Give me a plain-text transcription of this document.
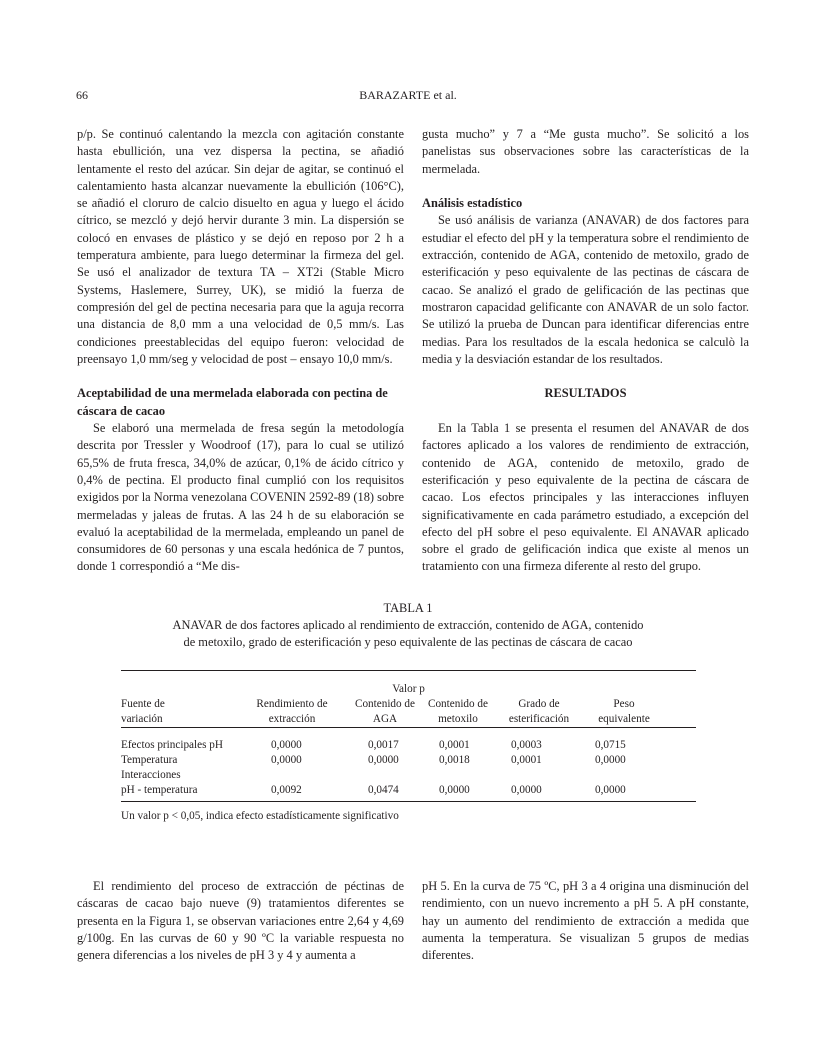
66	BARAZARTE et al.

p/p. Se continuó calentando la mezcla con agitación constante hasta ebullición, una vez dispersa la pectina, se añadió lentamente el resto del azúcar. Sin dejar de agitar, se continuó el calentamiento hasta alcanzar nuevamente la ebullición (106°C), se añadió el cloruro de calcio disuelto en agua y luego el ácido cítrico, se mezcló y dejó hervir durante 3 min. La dispersión se colocó en envases de plástico y se dejó en reposo por 2 h a temperatura ambiente, para luego determinar la firmeza del gel. Se usó el analizador de textura TA – XT2i (Stable Micro Systems, Haslemere, Surrey, UK), se midió la fuerza de compresión del gel de pectina necesaria para que la aguja recorra una distancia de 8,0 mm a una velocidad de 0,5 mm/s. Las condiciones preestablecidas del equipo fueron: velocidad de preensayo 1,0 mm/seg y velocidad de post – ensayo 10,0 mm/s.

Aceptabilidad de una mermelada elaborada con pectina de cáscara de cacao

Se elaboró una mermelada de fresa según la metodología descrita por Tressler y Woodroof (17), para lo cual se utilizó 65,5% de fruta fresca, 34,0% de azúcar, 0,1% de ácido cítrico y 0,4% de pectina. El producto final cumplió con los requisitos exigidos por la Norma venezolana COVENIN 2592-89 (18) sobre mermeladas y jaleas de frutas. A las 24 h de su elaboración se evaluó la aceptabilidad de la mermelada, empleando un panel de consumidores de 60 personas y una escala hedónica de 7 puntos, donde 1 correspondió a “Me dis-

gusta mucho” y 7 a “Me gusta mucho”. Se solicitó a los panelistas sus observaciones sobre las características de la mermelada.

Análisis estadístico

Se usó análisis de varianza (ANAVAR) de dos factores para estudiar el efecto del pH y la temperatura sobre el rendimiento de extracción, contenido de AGA, contenido de metoxilo, grado de esterificación y peso equivalente de las pectinas de cáscara de cacao. Se analizó el grado de gelificación de las pectinas que mostraron capacidad gelificante con ANAVAR de un solo factor. Se utilizó la prueba de Duncan para identificar diferencias entre medias. Para los resultados de la escala hedonica se calculò la media y la desviación estandar de los resultados.

RESULTADOS

En la Tabla 1 se presenta el resumen del ANAVAR de dos factores aplicado a los valores de rendimiento de extracción, contenido de AGA, contenido de metoxilo, grado de esterificación y peso equivalente de la pectina de cáscara de cacao. Los efectos principales y las interacciones influyen significativamente en cada parámetro estudiado, a excepción del efecto del pH sobre el peso equivalente. El ANAVAR aplicado sobre el grado de gelificación indica que existe al menos un tratamiento con una firmeza diferente al resto del grupo.

TABLA 1
ANAVAR de dos factores aplicado al rendimiento de extracción, contenido de AGA, contenido
de metoxilo, grado de esterificación y peso equivalente de las pectinas de cáscara de cacao
Valor p
Fuente de	Rendimiento de	Contenido de	Contenido de	Grado de	Peso
variación	extracción	AGA	metoxilo	esterificación	equivalente
Efectos principales pH	0,0000	0,0017	0,0001	0,0003	0,0715
Temperatura	0,0000	0,0000	0,0018	0,0001	0,0000
Interacciones
pH - temperatura	0,0092	0,0474	0,0000	0,0000	0,0000
Un valor p < 0,05, indica efecto estadísticamente significativo

El rendimiento del proceso de extracción de péctinas de cáscaras de cacao bajo nueve (9) tratamientos diferentes se presenta en la Figura 1, se observan variaciones entre 2,64 y 4,69 g/100g. En las curvas de 60 y 90 ºC la variable respuesta no genera diferencias a los niveles de pH 3 y 4 y aumenta a

pH 5. En la curva de 75 ºC, pH 3 a 4 origina una disminución del rendimiento, con un nuevo incremento a pH 5. A pH constante, hay un aumento del rendimiento de extracción a medida que aumenta la temperatura. Se visualizan 5 grupos de medias diferentes.
